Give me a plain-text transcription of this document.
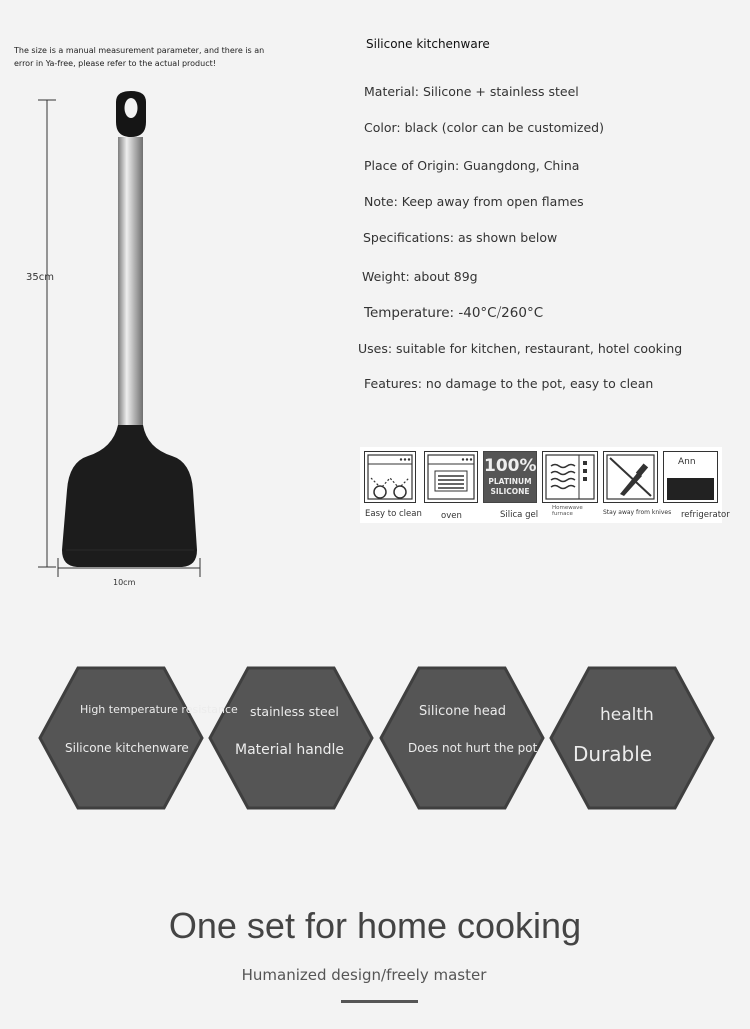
The size is a manual measurement parameter, and there is an error in Ya-free, please refer to the actual product!
35cm
10cm
Silicone kitchenware
Material: Silicone + stainless steel
Color: black (color can be customized)
Place of Origin: Guangdong, China
Note: Keep away from open flames
Specifications: as shown below
Weight: about 89g
Temperature: -40°C⧸260°C
Uses: suitable for kitchen, restaurant, hotel cooking
Features: no damage to the pot, easy to clean
100%
PLATINUM
SILICONE
Ann
Easy to clean oven	Silica gel
Homewave furnace	Stay away from knives refrigerator
High temperature resistance
Silicone kitchenware
stainless steel
Material handle
Silicone head
Does not hurt the pot
health
Durable
One set for home cooking
Humanized design/freely master
